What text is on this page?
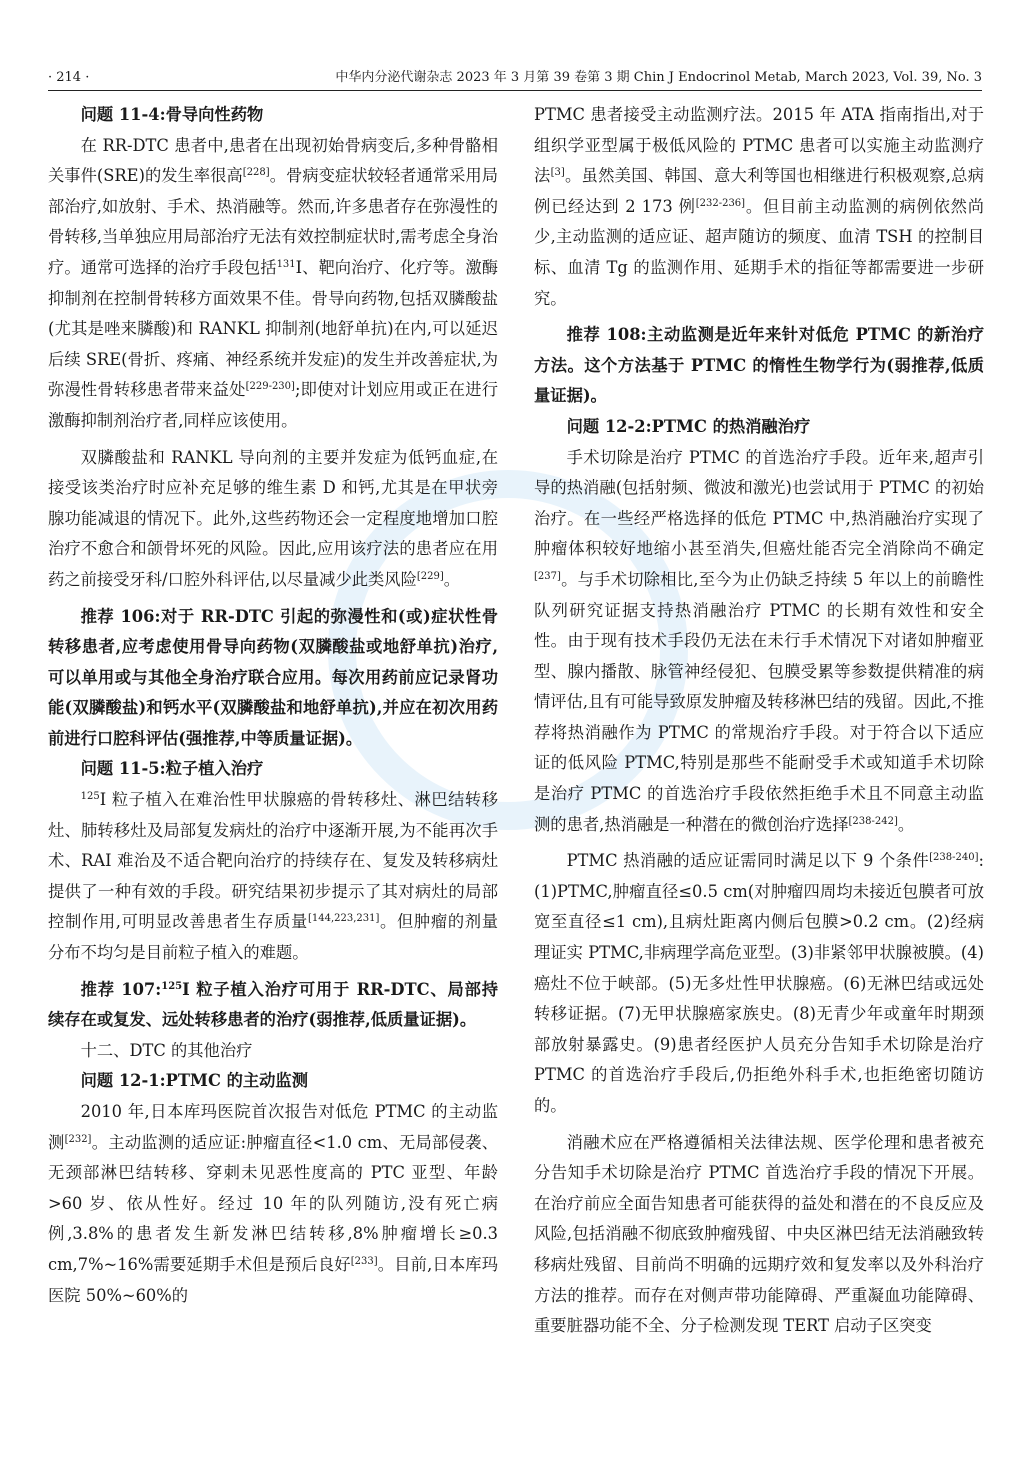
· 214 ·	中华内分泌代谢杂志 2023 年 3 月第 39 卷第 3 期 Chin J Endocrinol Metab, March 2023, Vol. 39, No. 3

问题 11-4:骨导向性药物

在 RR-DTC 患者中,患者在出现初始骨病变后,多种骨骼相关事件(SRE)的发生率很高[228]。骨病变症状较轻者通常采用局部治疗,如放射、手术、热消融等。然而,许多患者存在弥漫性的骨转移,当单独应用局部治疗无法有效控制症状时,需考虑全身治疗。通常可选择的治疗手段包括$^{131}$I、靶向治疗、化疗等。激酶抑制剂在控制骨转移方面效果不佳。骨导向药物,包括双膦酸盐(尤其是唑来膦酸)和 RANKL 抑制剂(地舒单抗)在内,可以延迟后续 SRE(骨折、疼痛、神经系统并发症)的发生并改善症状,为弥漫性骨转移患者带来益处[229-230];即使对计划应用或正在进行激酶抑制剂治疗者,同样应该使用。

双膦酸盐和 RANKL 导向剂的主要并发症为低钙血症,在接受该类治疗时应补充足够的维生素 D 和钙,尤其是在甲状旁腺功能减退的情况下。此外,这些药物还会一定程度地增加口腔治疗不愈合和颌骨坏死的风险。因此,应用该疗法的患者应在用药之前接受牙科/口腔外科评估,以尽量减少此类风险[229]。

推荐 106:对于 RR-DTC 引起的弥漫性和(或)症状性骨转移患者,应考虑使用骨导向药物(双膦酸盐或地舒单抗)治疗,可以单用或与其他全身治疗联合应用。每次用药前应记录肾功能(双膦酸盐)和钙水平(双膦酸盐和地舒单抗),并应在初次用药前进行口腔科评估(强推荐,中等质量证据)。

问题 11-5:粒子植入治疗

$^{125}$I 粒子植入在难治性甲状腺癌的骨转移灶、淋巴结转移灶、肺转移灶及局部复发病灶的治疗中逐渐开展,为不能再次手术、RAI 难治及不适合靶向治疗的持续存在、复发及转移病灶提供了一种有效的手段。研究结果初步提示了其对病灶的局部控制作用,可明显改善患者生存质量[144,223,231]。但肿瘤的剂量分布不均匀是目前粒子植入的难题。

推荐 107:$^{125}$I 粒子植入治疗可用于 RR-DTC、局部持续存在或复发、远处转移患者的治疗(弱推荐,低质量证据)。

十二、DTC 的其他治疗

问题 12-1:PTMC 的主动监测

2010 年,日本库玛医院首次报告对低危 PTMC 的主动监测[232]。主动监测的适应证:肿瘤直径<1.0 cm、无局部侵袭、无颈部淋巴结转移、穿刺未见恶性度高的 PTC 亚型、年龄>60 岁、依从性好。经过 10 年的队列随访,没有死亡病例,3.8%的患者发生新发淋巴结转移,8%肿瘤增长≥0.3 cm,7%~16%需要延期手术但是预后良好[233]。目前,日本库玛医院 50%~60%的

PTMC 患者接受主动监测疗法。2015 年 ATA 指南指出,对于组织学亚型属于极低风险的 PTMC 患者可以实施主动监测疗法[3]。虽然美国、韩国、意大利等国也相继进行积极观察,总病例已经达到 2 173 例[232-236]。但目前主动监测的病例依然尚少,主动监测的适应证、超声随访的频度、血清 TSH 的控制目标、血清 Tg 的监测作用、延期手术的指征等都需要进一步研究。

推荐 108:主动监测是近年来针对低危 PTMC 的新治疗方法。这个方法基于 PTMC 的惰性生物学行为(弱推荐,低质量证据)。

问题 12-2:PTMC 的热消融治疗

手术切除是治疗 PTMC 的首选治疗手段。近年来,超声引导的热消融(包括射频、微波和激光)也尝试用于 PTMC 的初始治疗。在一些经严格选择的低危 PTMC 中,热消融治疗实现了肿瘤体积较好地缩小甚至消失,但癌灶能否完全消除尚不确定[237]。与手术切除相比,至今为止仍缺乏持续 5 年以上的前瞻性队列研究证据支持热消融治疗 PTMC 的长期有效性和安全性。由于现有技术手段仍无法在未行手术情况下对诸如肿瘤亚型、腺内播散、脉管神经侵犯、包膜受累等参数提供精准的病情评估,且有可能导致原发肿瘤及转移淋巴结的残留。因此,不推荐将热消融作为 PTMC 的常规治疗手段。对于符合以下适应证的低风险 PTMC,特别是那些不能耐受手术或知道手术切除是治疗 PTMC 的首选治疗手段依然拒绝手术且不同意主动监测的患者,热消融是一种潜在的微创治疗选择[238-242]。

PTMC 热消融的适应证需同时满足以下 9 个条件[238-240]:(1)PTMC,肿瘤直径≤0.5 cm(对肿瘤四周均未接近包膜者可放宽至直径≤1 cm),且病灶距离内侧后包膜>0.2 cm。(2)经病理证实 PTMC,非病理学高危亚型。(3)非紧邻甲状腺被膜。(4)癌灶不位于峡部。(5)无多灶性甲状腺癌。(6)无淋巴结或远处转移证据。(7)无甲状腺癌家族史。(8)无青少年或童年时期颈部放射暴露史。(9)患者经医护人员充分告知手术切除是治疗 PTMC 的首选治疗手段后,仍拒绝外科手术,也拒绝密切随访的。

消融术应在严格遵循相关法律法规、医学伦理和患者被充分告知手术切除是治疗 PTMC 首选治疗手段的情况下开展。在治疗前应全面告知患者可能获得的益处和潜在的不良反应及风险,包括消融不彻底致肿瘤残留、中央区淋巴结无法消融致转移病灶残留、目前尚不明确的远期疗效和复发率以及外科治疗方法的推荐。而存在对侧声带功能障碍、严重凝血功能障碍、重要脏器功能不全、分子检测发现 TERT 启动子区突变
